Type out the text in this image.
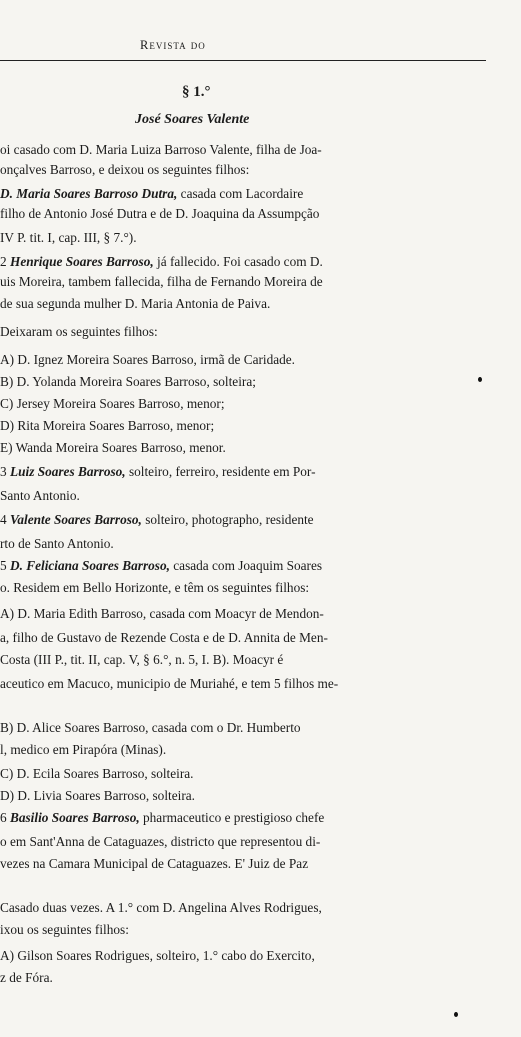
Revista do
§ 1.°
José Soares Valente
oi casado com D. Maria Luiza Barroso Valente, filha de Joa-
onçalves Barroso, e deixou os seguintes filhos:
D. Maria Soares Barroso Dutra, casada com Lacordaire
filho de Antonio José Dutra e de D. Joaquina da Assumpção
IV P. tit. I, cap. III, § 7.°).
2 Henrique Soares Barroso, já fallecido. Foi casado com D.
uis Moreira, tambem fallecida, filha de Fernando Moreira de
de sua segunda mulher D. Maria Antonia de Paiva.
Deixaram os seguintes filhos:
A) D. Ignez Moreira Soares Barroso, irmã de Caridade.
B) D. Yolanda Moreira Soares Barroso, solteira;
C) Jersey Moreira Soares Barroso, menor;
D) Rita Moreira Soares Barroso, menor;
E) Wanda Moreira Soares Barroso, menor.
3 Luiz Soares Barroso, solteiro, ferreiro, residente em Por-
Santo Antonio.
4 Valente Soares Barroso, solteiro, photographo, residente
rto de Santo Antonio.
5 D. Feliciana Soares Barroso, casada com Joaquim Soares
o. Residem em Bello Horizonte, e têm os seguintes filhos:
A) D. Maria Edith Barroso, casada com Moacyr de Mendon-
a, filho de Gustavo de Rezende Costa e de D. Annita de Men-
Costa (III P., tit. II, cap. V, § 6.°, n. 5, I. B). Moacyr é
aceutico em Macuco, municipio de Muriahé, e tem 5 filhos me-
B) D. Alice Soares Barroso, casada com o Dr. Humberto
l, medico em Pirapóra (Minas).
C) D. Ecila Soares Barroso, solteira.
D) D. Livia Soares Barroso, solteira.
6 Basilio Soares Barroso, pharmaceutico e prestigioso chefe
o em Sant'Anna de Cataguazes, districto que representou di-
vezes na Camara Municipal de Cataguazes. E' Juiz de Paz
Casado duas vezes. A 1.° com D. Angelina Alves Rodrigues,
ixou os seguintes filhos:
A) Gilson Soares Rodrigues, solteiro, 1.° cabo do Exercito,
z de Fóra.
